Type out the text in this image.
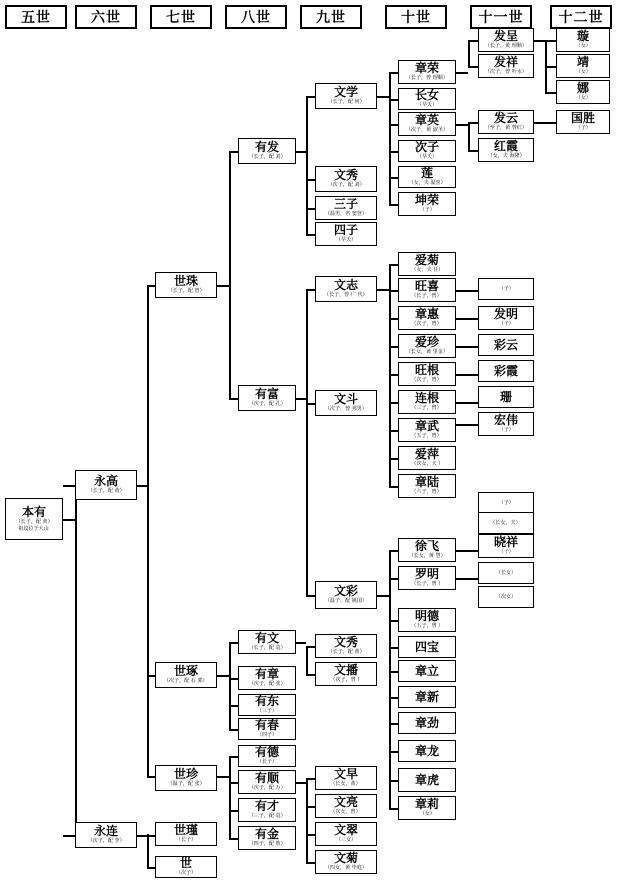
五世	六世	七世	八世	九世	十世	十一世	十二世
本有
（长子，配 黄）
祖坟位于大山
永高
（长子，配 黄）
永连
（次子，配 李）
世珠
（长子，配 曾）
世琢
（次子，配 石 郭）
世珍
（温子，配 张）
世瑾
（长子）
世
（次子）
有发
（长子，配 刘）
有富
（次子，配 孔）
有文
（长子，配 袁）
有章
（次子，配 张）
有东
（三子）
有春
（四子）
有德
（长子）
有顺
（次子，配 万）
有才
（三子，配 袁）
有金
（四子，配 敖）
文学
（长子，配 何）
文秀
（次子，配 刘）
三子
（温男，名 窦登）
四子
（早夭）
文志
（长子，曾 广 代）
文斗
（次子，曾 邦男）
文彩
（温子，配 姚国）
文秀
（长子，配 黄）
文播
（次子，曾 ）
文早
（长女，黄）
文亮
（次女，曾）
文翠
（三女）
文菊
（四女，黄 毕庭）
章荣
（长子，曾 理顺）
长女
（早夭）
章英
（次子，黄 淑圣）
次子
（早夭）
莲
（女，夫 温喜）
坤荣
（子）
爱菊
（女，夫 任）
旺喜
（长子，曾）
章惠
（次子，曾）
爱珍
（长女，黄 里金）
旺根
（次子，曾）
连根
（三子，曾）
章武
（五子，曾）
爱萍
（次女，夫 ）
章陆
（六子，曾）
徐飞
（长女，黄 慧）
罗明
（长子，曾 ）
明德
（五子，曾 ）
四宝
章立
章新
章劲
章龙
章虎
章莉
（女）
发呈
（长子，黄 理顺）
发祥
（次子，曾 叶水）
发云
（至子，黄 曾红）
红霞
（女，夫 海隆）
（子）
发明
（子）
彩云
彩霞
珊
宏伟
（子）
（子）
（长女，夫）
晓祥
（子）
（长女）
（次女）
璇
（女）
靖
（女）
娜
（女）
国胜
（子）
